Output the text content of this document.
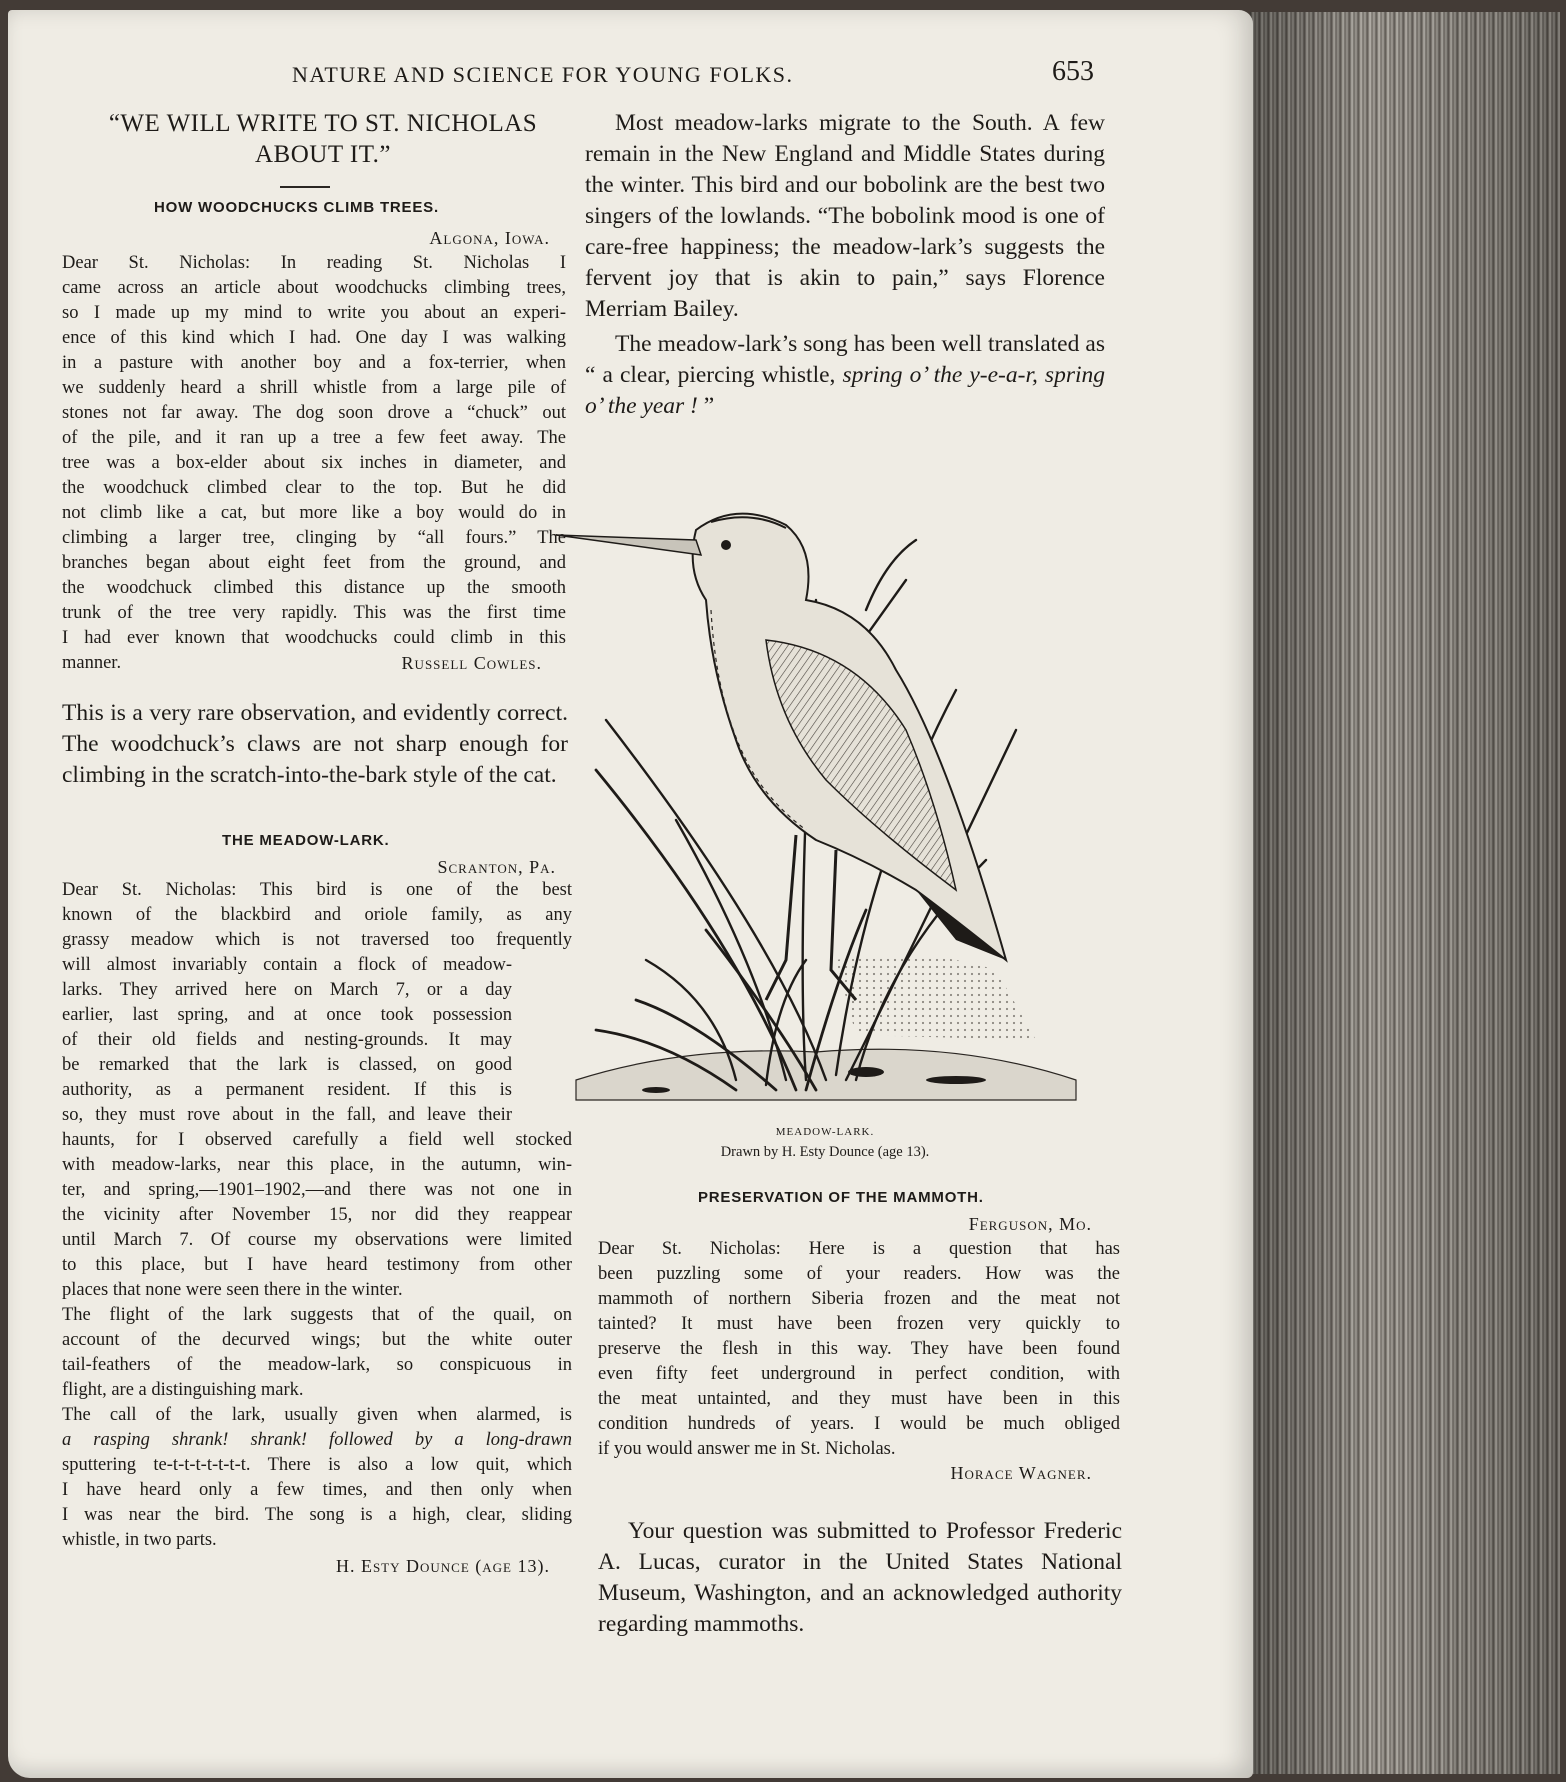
NATURE AND SCIENCE FOR YOUNG FOLKS.	653
“WE WILL WRITE TO ST. NICHOLAS ABOUT IT.”
HOW WOODCHUCKS CLIMB TREES.
Algona, Iowa.
Dear St. Nicholas: In reading St. Nicholas I
came across an article about woodchucks climbing trees,
so I made up my mind to write you about an experi-
ence of this kind which I had. One day I was walking
in a pasture with another boy and a fox-terrier, when
we suddenly heard a shrill whistle from a large pile of
stones not far away. The dog soon drove a “chuck” out
of the pile, and it ran up a tree a few feet away. The
tree was a box-elder about six inches in diameter, and
the woodchuck climbed clear to the top. But he did
not climb like a cat, but more like a boy would do in
climbing a larger tree, clinging by “all fours.” The
branches began about eight feet from the ground, and
the woodchuck climbed this distance up the smooth
trunk of the tree very rapidly. This was the first time
I had ever known that woodchucks could climb in this
manner.	Russell Cowles.
This is a very rare observation, and evidently correct. The woodchuck’s claws are not sharp enough for climbing in the scratch-into-the-bark style of the cat.
THE MEADOW-LARK.
Scranton, Pa.
Dear St. Nicholas: This bird is one of the best
known of the blackbird and oriole family, as any
grassy meadow which is not traversed too frequently
will almost invariably contain a flock of meadow-
larks. They arrived here on March 7, or a day
earlier, last spring, and at once took possession
of their old fields and nesting-grounds. It may
be remarked that the lark is classed, on good
authority, as a permanent resident. If this is
so, they must rove about in the fall, and leave their
haunts, for I observed carefully a field well stocked
with meadow-larks, near this place, in the autumn, win-
ter, and spring,—1901–1902,—and there was not one in
the vicinity after November 15, nor did they reappear
until March 7. Of course my observations were limited
to this place, but I have heard testimony from other
places that none were seen there in the winter.
The flight of the lark suggests that of the quail, on
account of the decurved wings; but the white outer
tail-feathers of the meadow-lark, so conspicuous in
flight, are a distinguishing mark.
The call of the lark, usually given when alarmed, is
a rasping shrank! shrank! followed by a long-drawn
sputtering te-t-t-t-t-t-t-t. There is also a low quit, which
I have heard only a few times, and then only when
I was near the bird. The song is a high, clear, sliding
whistle, in two parts.
H. Esty Dounce (age 13).
Most meadow-larks migrate to the South. A few remain in the New England and Middle States during the winter. This bird and our bobolink are the best two singers of the lowlands. “The bobolink mood is one of care-free happiness; the meadow-lark’s suggests the fervent joy that is akin to pain,” says Florence Merriam Bailey.
The meadow-lark’s song has been well translated as “ a clear, piercing whistle, spring o’ the y-e-a-r, spring o’ the year ! ”
MEADOW-LARK.
Drawn by H. Esty Dounce (age 13).
PRESERVATION OF THE MAMMOTH.
Ferguson, Mo.
Dear St. Nicholas: Here is a question that has
been puzzling some of your readers. How was the
mammoth of northern Siberia frozen and the meat not
tainted? It must have been frozen very quickly to
preserve the flesh in this way. They have been found
even fifty feet underground in perfect condition, with
the meat untainted, and they must have been in this
condition hundreds of years. I would be much obliged
if you would answer me in St. Nicholas.
Horace Wagner.
Your question was submitted to Professor Frederic A. Lucas, curator in the United States National Museum, Washington, and an acknowledged authority regarding mammoths.
